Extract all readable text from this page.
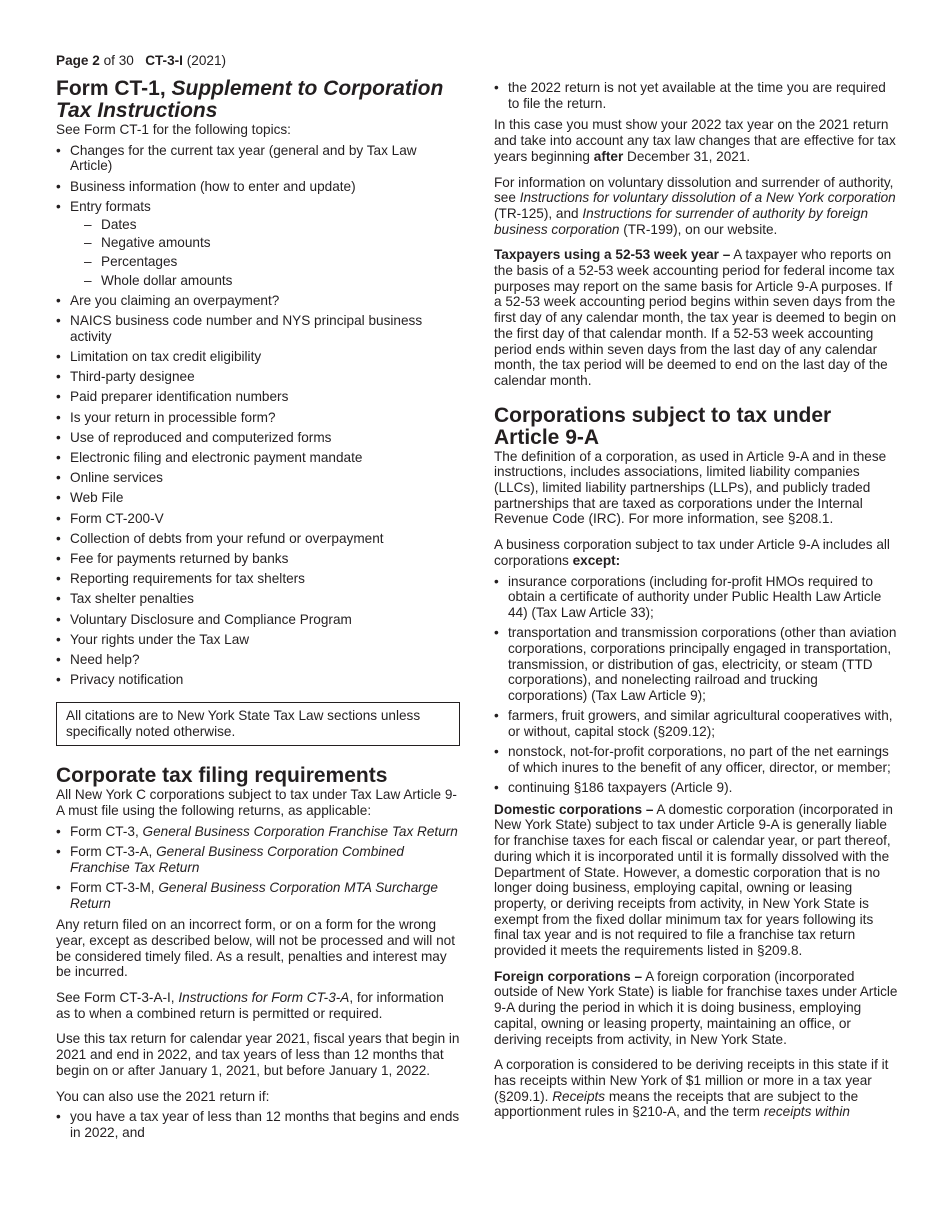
Page 2 of 30 CT-3-I (2021)
Form CT-1, Supplement to Corporation Tax Instructions

See Form CT-1 for the following topics:

• Changes for the current tax year (general and by Tax Law Article)
• Business information (how to enter and update)
• Entry formats
– Dates
– Negative amounts
– Percentages
– Whole dollar amounts
• Are you claiming an overpayment?
• NAICS business code number and NYS principal business activity
• Limitation on tax credit eligibility
• Third-party designee
• Paid preparer identification numbers
• Is your return in processible form?
• Use of reproduced and computerized forms
• Electronic filing and electronic payment mandate
• Online services
• Web File
• Form CT-200-V
• Collection of debts from your refund or overpayment
• Fee for payments returned by banks
• Reporting requirements for tax shelters
• Tax shelter penalties
• Voluntary Disclosure and Compliance Program
• Your rights under the Tax Law
• Need help?
• Privacy notification
All citations are to New York State Tax Law sections unless specifically noted otherwise.
Corporate tax filing requirements

All New York C corporations subject to tax under Tax Law Article 9-A must file using the following returns, as applicable:

• Form CT-3, General Business Corporation Franchise Tax Return
• Form CT-3-A, General Business Corporation Combined Franchise Tax Return
• Form CT-3-M, General Business Corporation MTA Surcharge Return

Any return filed on an incorrect form, or on a form for the wrong year, except as described below, will not be processed and will not be considered timely filed. As a result, penalties and interest may be incurred.

See Form CT-3-A-I, Instructions for Form CT-3-A, for information as to when a combined return is permitted or required.

Use this tax return for calendar year 2021, fiscal years that begin in 2021 and end in 2022, and tax years of less than 12 months that begin on or after January 1, 2021, but before January 1, 2022.

You can also use the 2021 return if:

• you have a tax year of less than 12 months that begins and ends in 2022, and
• the 2022 return is not yet available at the time you are required to file the return.

In this case you must show your 2022 tax year on the 2021 return and take into account any tax law changes that are effective for tax years beginning after December 31, 2021.

For information on voluntary dissolution and surrender of authority, see Instructions for voluntary dissolution of a New York corporation (TR-125), and Instructions for surrender of authority by foreign business corporation (TR-199), on our website.

Taxpayers using a 52-53 week year – A taxpayer who reports on the basis of a 52-53 week accounting period for federal income tax purposes may report on the same basis for Article 9-A purposes. If a 52-53 week accounting period begins within seven days from the first day of any calendar month, the tax year is deemed to begin on the first day of that calendar month. If a 52-53 week accounting period ends within seven days from the last day of any calendar month, the tax period will be deemed to end on the last day of the calendar month.

Corporations subject to tax under Article 9-A

The definition of a corporation, as used in Article 9-A and in these instructions, includes associations, limited liability companies (LLCs), limited liability partnerships (LLPs), and publicly traded partnerships that are taxed as corporations under the Internal Revenue Code (IRC). For more information, see §208.1.

A business corporation subject to tax under Article 9-A includes all corporations except:

• insurance corporations (including for-profit HMOs required to obtain a certificate of authority under Public Health Law Article 44) (Tax Law Article 33);
• transportation and transmission corporations (other than aviation corporations, corporations principally engaged in transportation, transmission, or distribution of gas, electricity, or steam (TTD corporations), and nonelecting railroad and trucking corporations) (Tax Law Article 9);
• farmers, fruit growers, and similar agricultural cooperatives with, or without, capital stock (§209.12);
• nonstock, not-for-profit corporations, no part of the net earnings of which inures to the benefit of any officer, director, or member;
• continuing §186 taxpayers (Article 9).

Domestic corporations – A domestic corporation (incorporated in New York State) subject to tax under Article 9-A is generally liable for franchise taxes for each fiscal or calendar year, or part thereof, during which it is incorporated until it is formally dissolved with the Department of State. However, a domestic corporation that is no longer doing business, employing capital, owning or leasing property, or deriving receipts from activity, in New York State is exempt from the fixed dollar minimum tax for years following its final tax year and is not required to file a franchise tax return provided it meets the requirements listed in §209.8.

Foreign corporations – A foreign corporation (incorporated outside of New York State) is liable for franchise taxes under Article 9-A during the period in which it is doing business, employing capital, owning or leasing property, maintaining an office, or deriving receipts from activity, in New York State.

A corporation is considered to be deriving receipts in this state if it has receipts within New York of $1 million or more in a tax year (§209.1). Receipts means the receipts that are subject to the apportionment rules in §210-A, and the term receipts within
